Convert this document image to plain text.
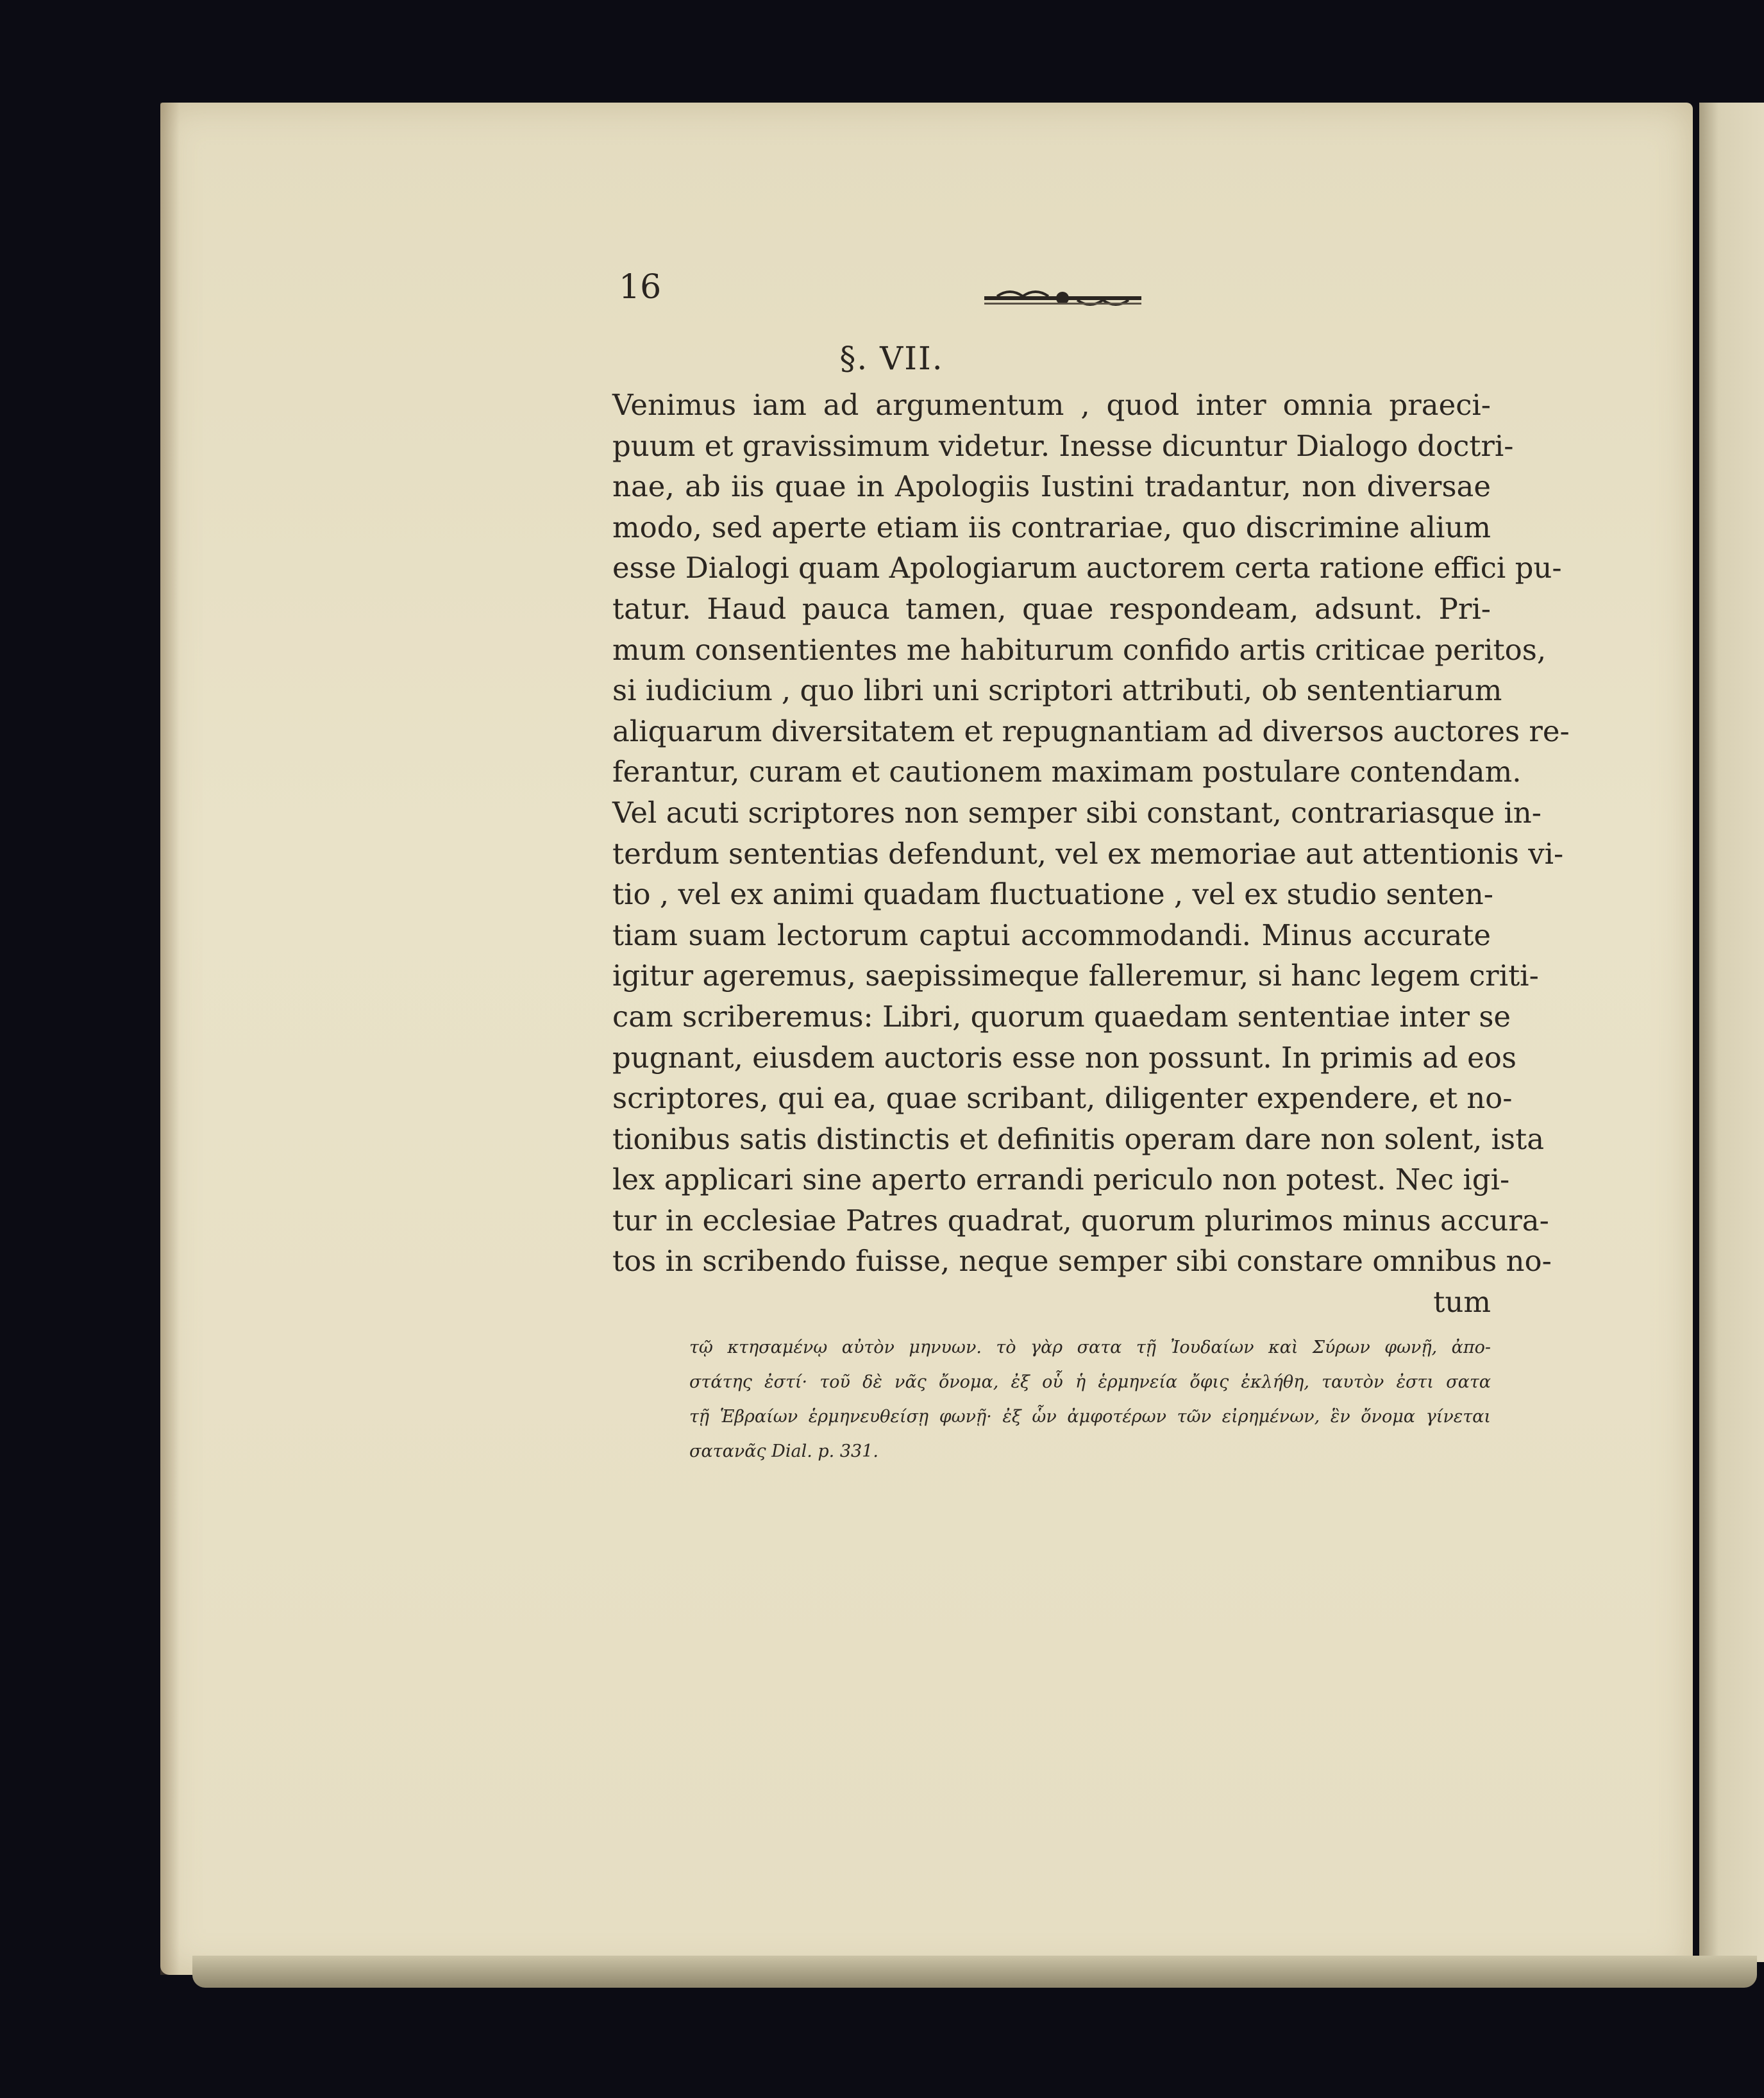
16
§. VII.
Venimus iam ad argumentum , quod inter omnia praeci-
puum et gravissimum videtur. Inesse dicuntur Dialogo doctri-
nae, ab iis quae in Apologiis Iustini tradantur, non diversae
modo, sed aperte etiam iis contrariae, quo discrimine alium
esse Dialogi quam Apologiarum auctorem certa ratione effici pu-
tatur. Haud pauca tamen, quae respondeam, adsunt. Pri-
mum consentientes me habiturum confido artis criticae peritos,
si iudicium , quo libri uni scriptori attributi, ob sententiarum
aliquarum diversitatem et repugnantiam ad diversos auctores re-
ferantur, curam et cautionem maximam postulare contendam.
Vel acuti scriptores non semper sibi constant, contrariasque in-
terdum sententias defendunt, vel ex memoriae aut attentionis vi-
tio , vel ex animi quadam fluctuatione , vel ex studio senten-
tiam suam lectorum captui accommodandi. Minus accurate
igitur ageremus, saepissimeque falleremur, si hanc legem criti-
cam scriberemus: Libri, quorum quaedam sententiae inter se
pugnant, eiusdem auctoris esse non possunt. In primis ad eos
scriptores, qui ea, quae scribant, diligenter expendere, et no-
tionibus satis distinctis et definitis operam dare non solent, ista
lex applicari sine aperto errandi periculo non potest. Nec igi-
tur in ecclesiae Patres quadrat, quorum plurimos minus accura-
tos in scribendo fuisse, neque semper sibi constare omnibus no-
tum
τῷ κτησαμένῳ αὐτὸν μηνυων. τὸ γὰρ σατα τῇ Ἰουδαίων καὶ Σύρων φωνῇ, ἀπο-
στάτης ἐστί· τοῦ δὲ νᾶς ὄνομα, ἐξ οὗ ἡ ἑρμηνεία ὄφις ἐκλήθη, ταυτὸν ἐστι σατα
τῇ Ἑβραίων ἑρμηνευθείσῃ φωνῇ· ἐξ ὧν ἀμφοτέρων τῶν εἰρημένων, ἓν ὄνομα γίνεται
σατανᾶς Dial. p. 331.
